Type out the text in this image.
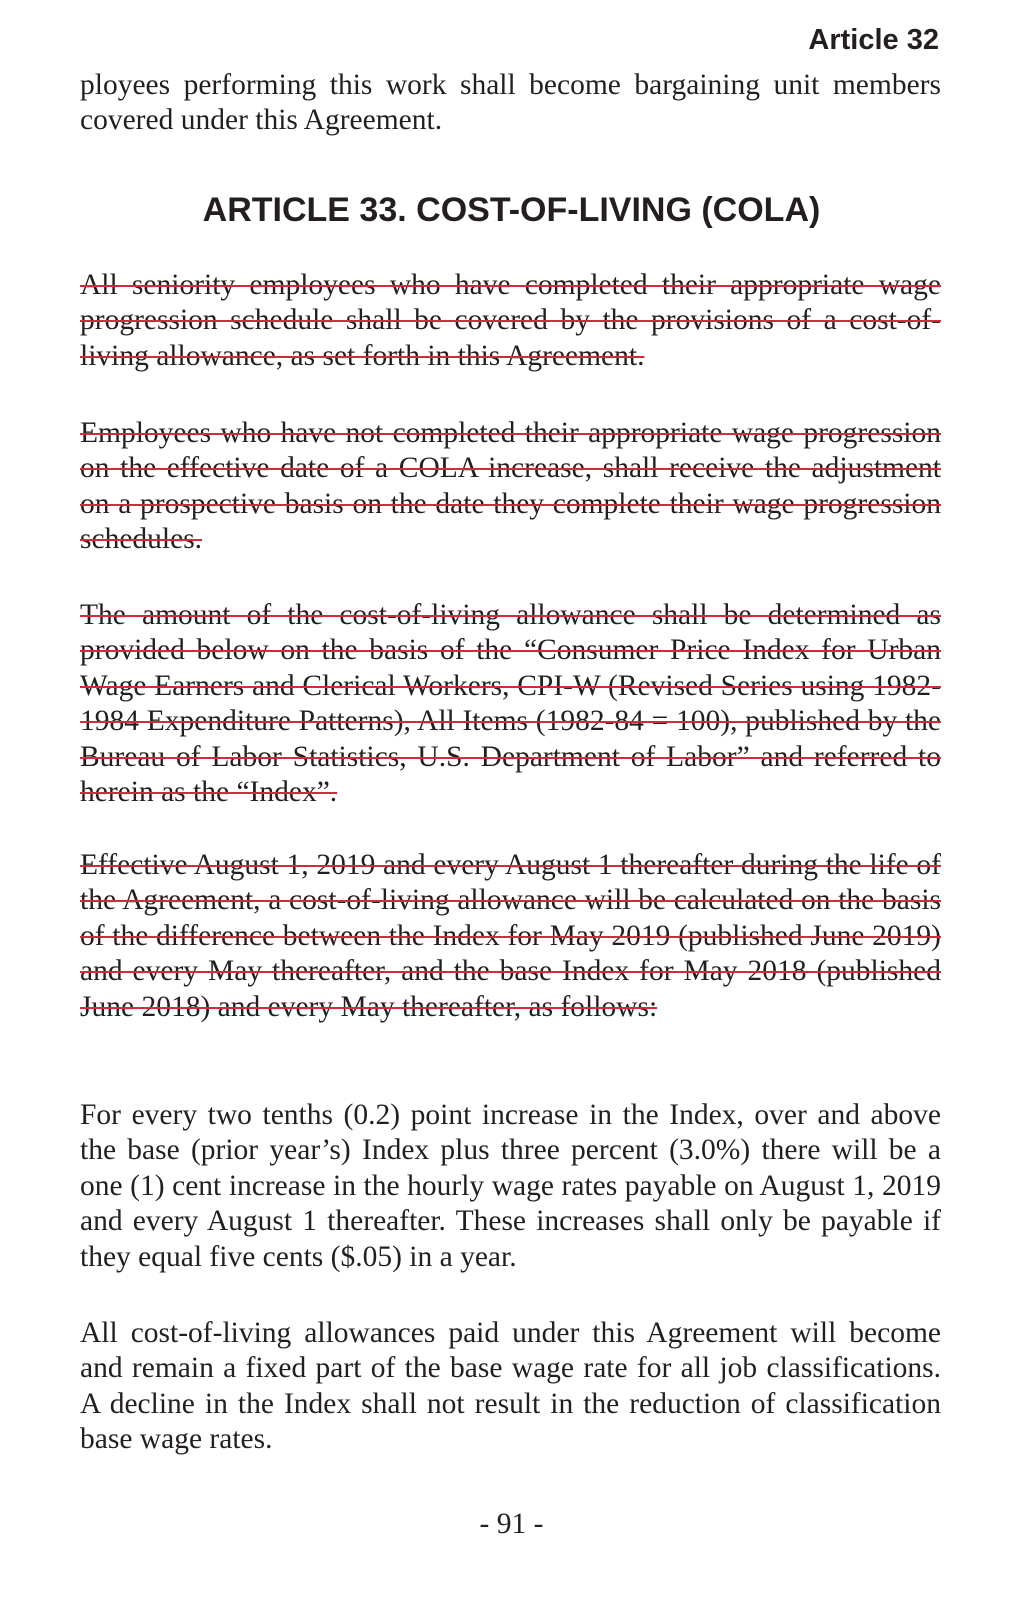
Article 32

ployees performing this work shall become bargaining unit members covered under this Agreement.

ARTICLE 33. COST-OF-LIVING (COLA)

All seniority employees who have completed their appropriate wage progression schedule shall be covered by the provisions of a cost-of-living allowance, as set forth in this Agreement.

Employees who have not completed their appropriate wage progression on the effective date of a COLA increase, shall receive the adjustment on a prospective basis on the date they complete their wage progression schedules.

The amount of the cost-of-living allowance shall be determined as provided below on the basis of the “Consumer Price Index for Urban Wage Earners and Clerical Workers, CPI-W (Revised Series using 1982-1984 Expenditure Patterns), All Items (1982-84 = 100), published by the Bureau of Labor Statistics, U.S. Department of Labor” and referred to herein as the “Index”.

Effective August 1, 2019 and every August 1 thereafter during the life of the Agreement, a cost-of-living allowance will be calculated on the basis of the difference between the Index for May 2019 (published June 2019) and every May thereafter, and the base Index for May 2018 (published June 2018) and every May thereafter, as follows:

For every two tenths (0.2) point increase in the Index, over and above the base (prior year’s) Index plus three percent (3.0%) there will be a one (1) cent increase in the hourly wage rates payable on August 1, 2019 and every August 1 thereafter. These increases shall only be payable if they equal five cents ($.05) in a year.

All cost-of-living allowances paid under this Agreement will become and remain a fixed part of the base wage rate for all job classifications. A decline in the Index shall not result in the reduction of classification base wage rates.

- 91 -
